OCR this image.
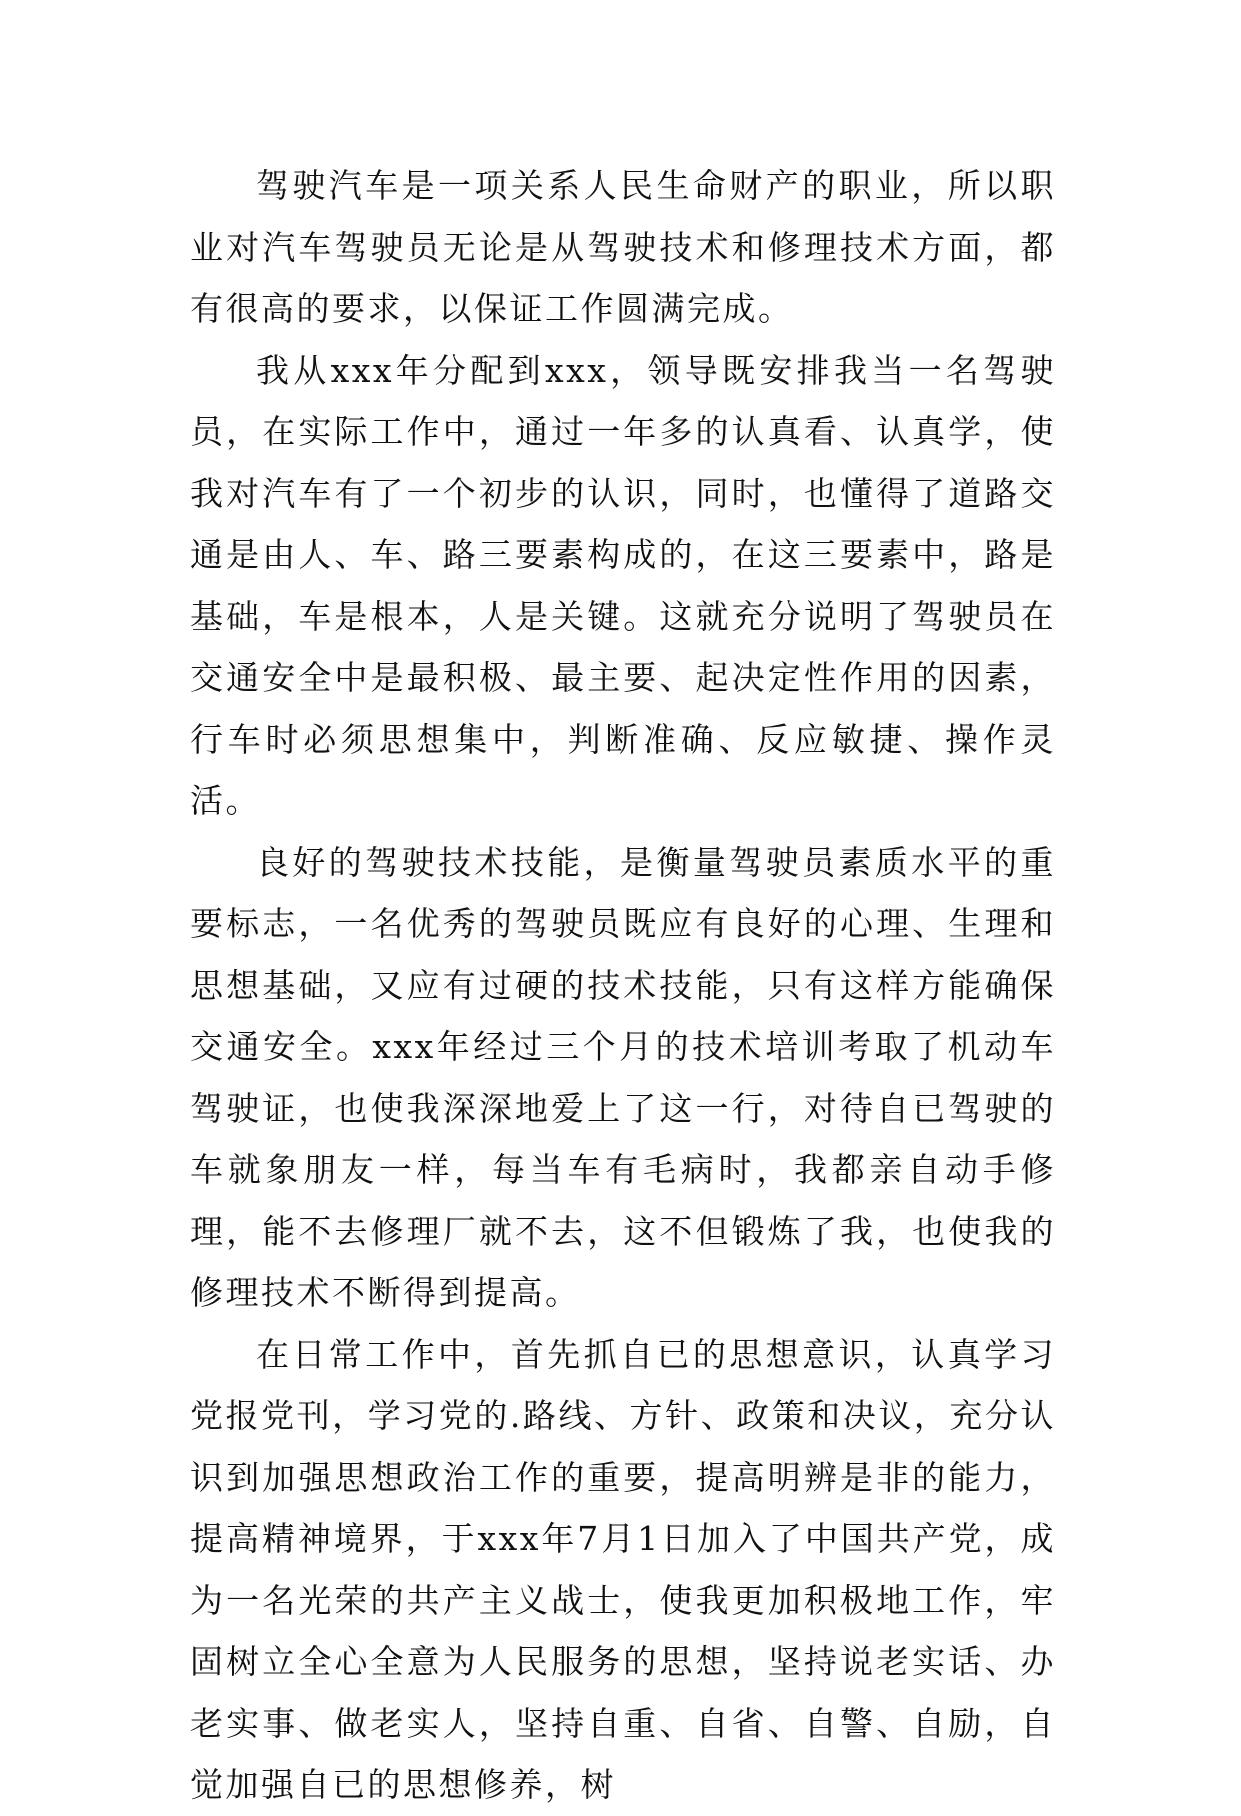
驾驶汽车是一项关系人民生命财产的职业，所以职业对汽车驾驶员无论是从驾驶技术和修理技术方面，都有很高的要求，以保证工作圆满完成。

我从xxx年分配到xxx，领导既安排我当一名驾驶员，在实际工作中，通过一年多的认真看、认真学，使我对汽车有了一个初步的认识，同时，也懂得了道路交通是由人、车、路三要素构成的，在这三要素中，路是基础，车是根本，人是关键。这就充分说明了驾驶员在交通安全中是最积极、最主要、起决定性作用的因素，行车时必须思想集中，判断准确、反应敏捷、操作灵活。

良好的驾驶技术技能，是衡量驾驶员素质水平的重要标志，一名优秀的驾驶员既应有良好的心理、生理和思想基础，又应有过硬的技术技能，只有这样方能确保交通安全。xxx年经过三个月的技术培训考取了机动车驾驶证，也使我深深地爱上了这一行，对待自已驾驶的车就象朋友一样，每当车有毛病时，我都亲自动手修理，能不去修理厂就不去，这不但锻炼了我，也使我的修理技术不断得到提高。

在日常工作中，首先抓自已的思想意识，认真学习党报党刊，学习党的.路线、方针、政策和决议，充分认识到加强思想政治工作的重要，提高明辨是非的能力，提高精神境界，于xxx年7月1日加入了中国共产党，成为一名光荣的共产主义战士，使我更加积极地工作，牢固树立全心全意为人民服务的思想，坚持说老实话、办老实事、做老实人，坚持自重、自省、自警、自励，自觉加强自已的思想修养，树
